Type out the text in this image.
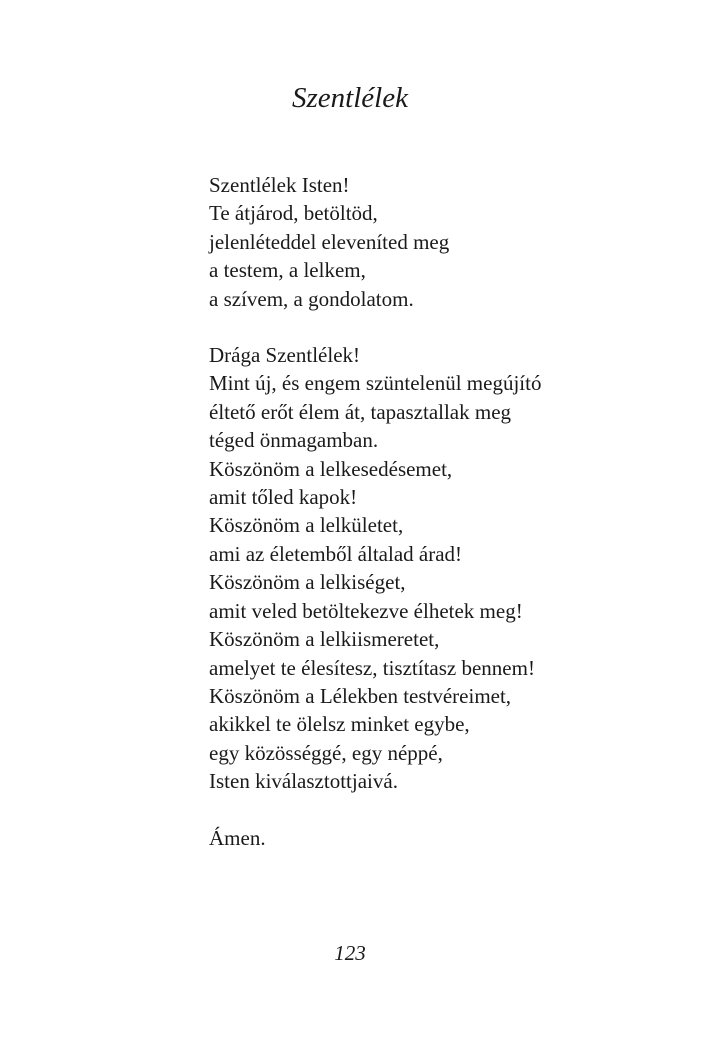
Szentlélek
Szentlélek Isten!
Te átjárod, betöltöd,
jelenléteddel eleveníted meg
a testem, a lelkem,
a szívem, a gondolatom.
Drága Szentlélek!
Mint új, és engem szüntelenül megújító
éltető erőt élem át, tapasztallak meg
téged önmagamban.
Köszönöm a lelkesedésemet,
amit tőled kapok!
Köszönöm a lelkületet,
ami az életemből általad árad!
Köszönöm a lelkiséget,
amit veled betöltekezve élhetek meg!
Köszönöm a lelkiismeretet,
amelyet te élesítesz, tisztítasz bennem!
Köszönöm a Lélekben testvéreimet,
akikkel te ölelsz minket egybe,
egy közösséggé, egy néppé,
Isten kiválasztottjaivá.
Ámen.
123
